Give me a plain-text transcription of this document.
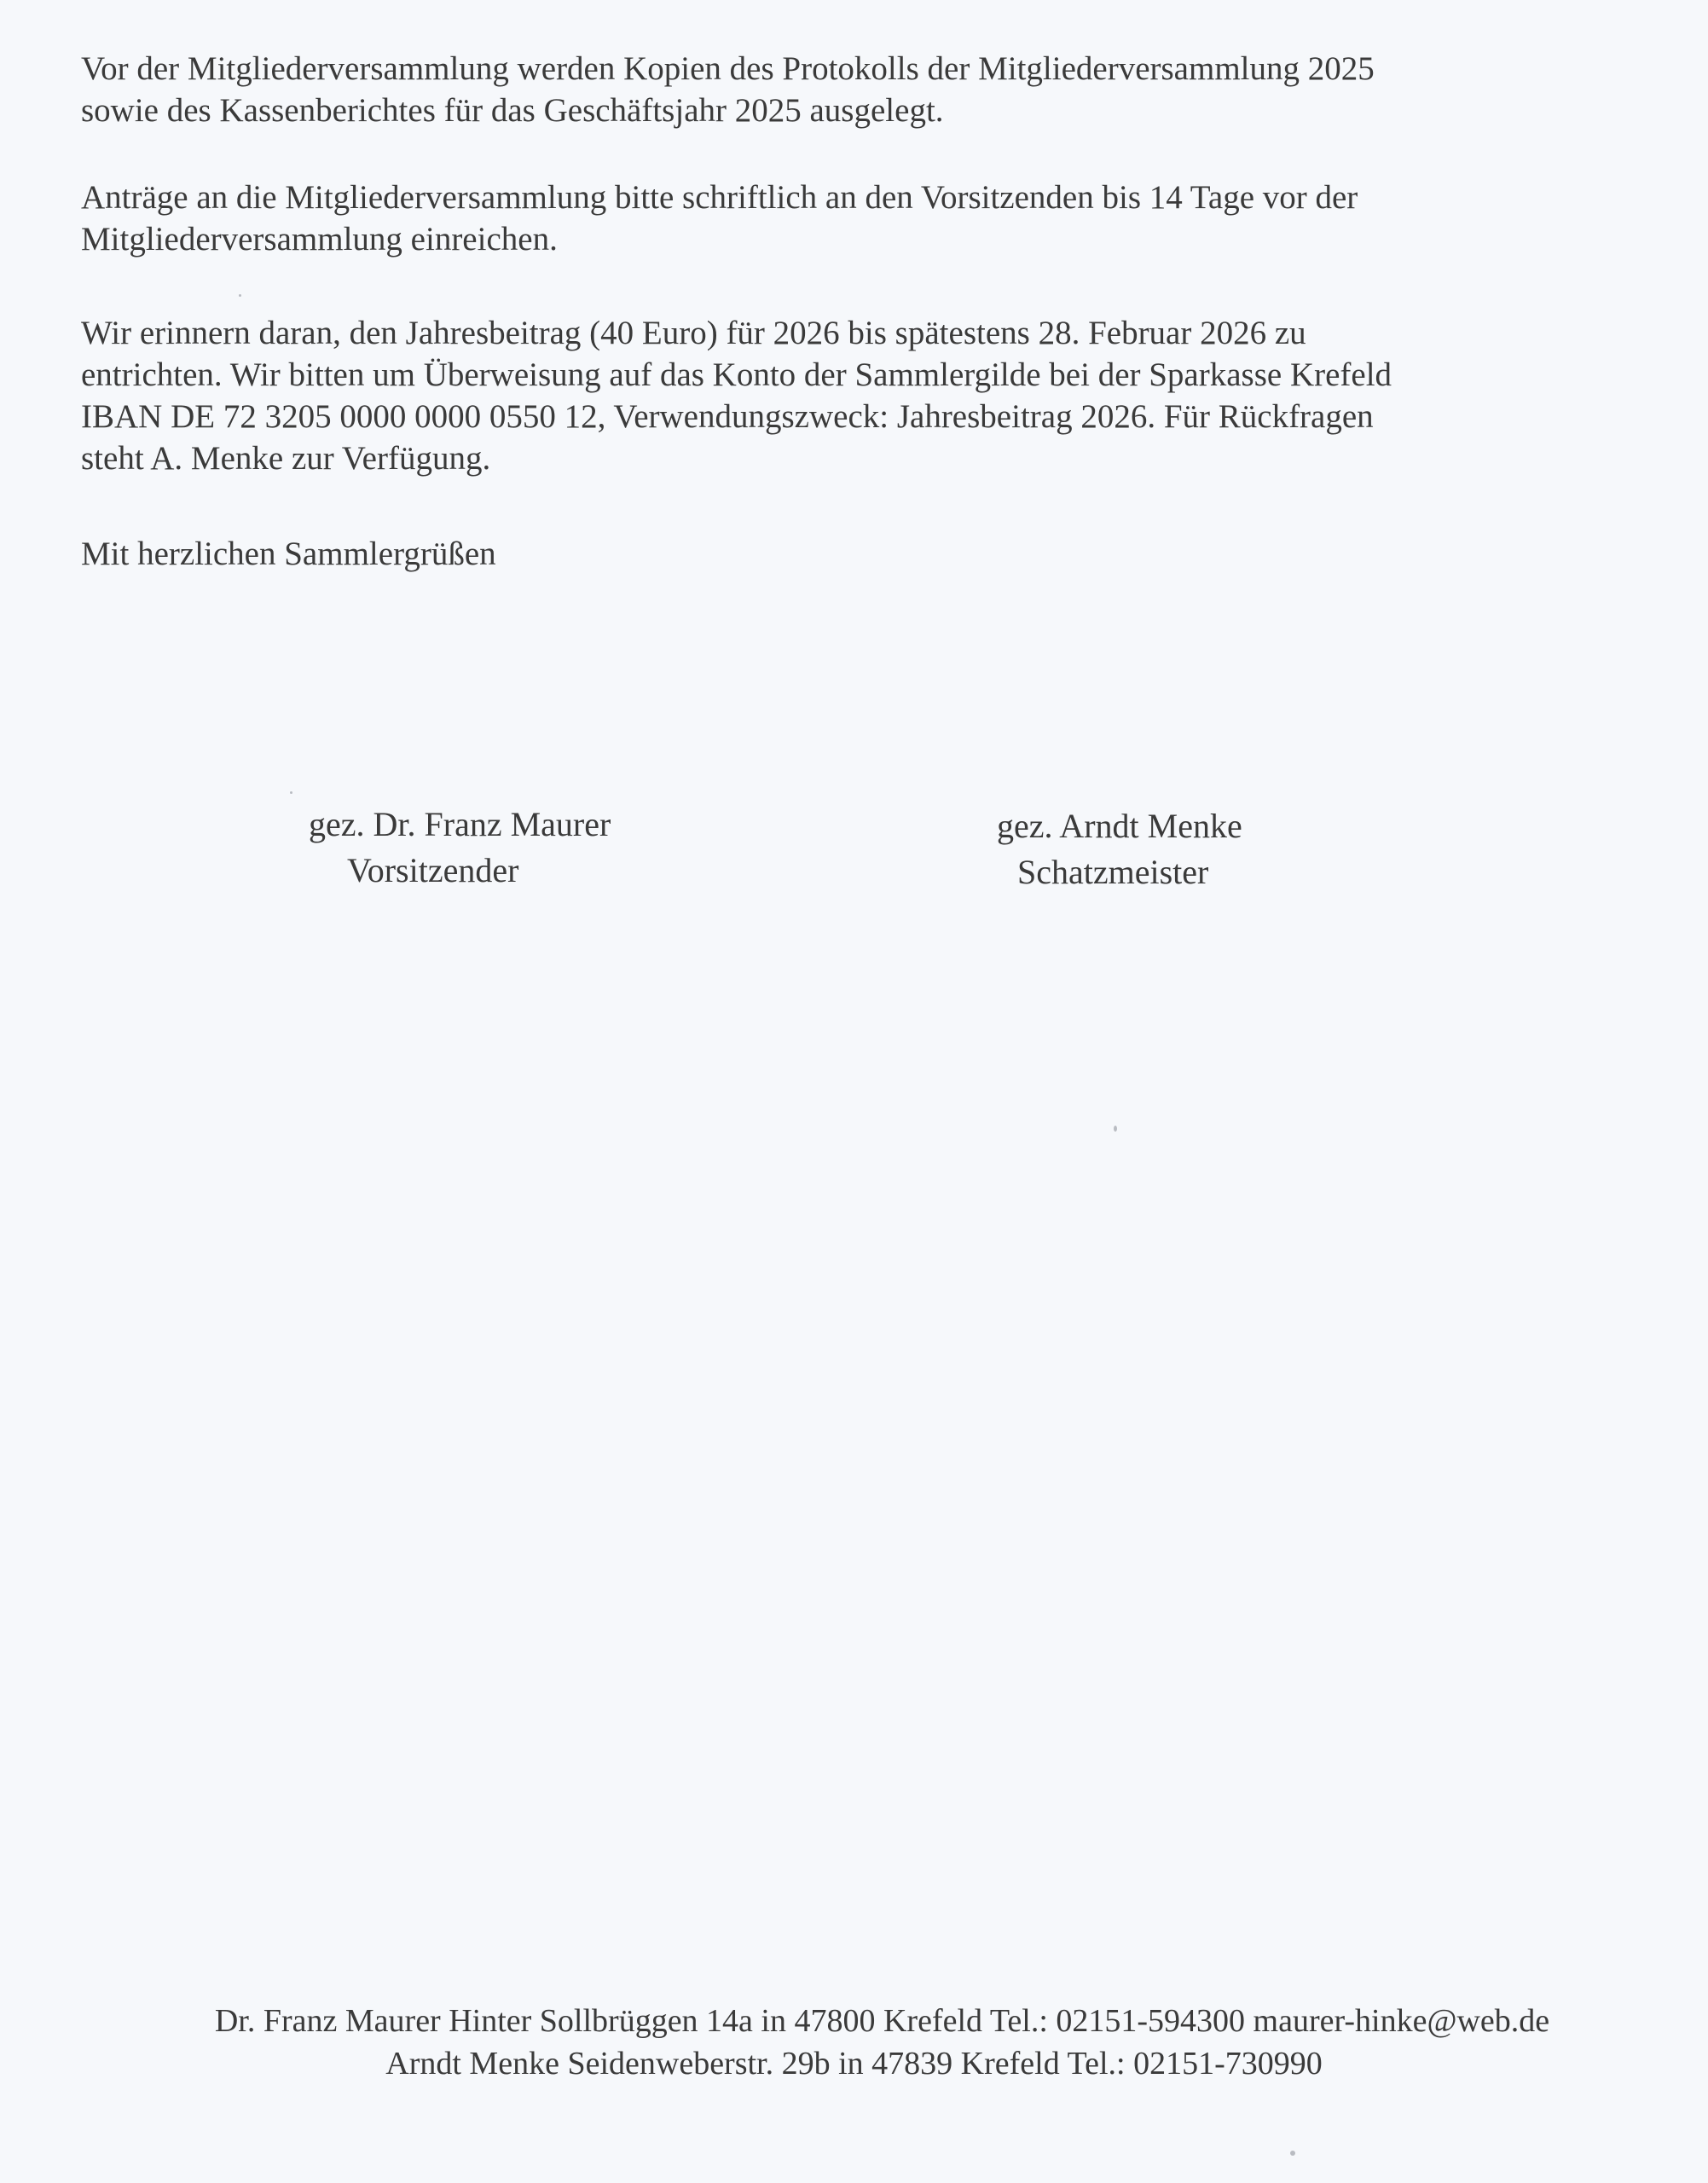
Vor der Mitgliederversammlung werden Kopien des Protokolls der Mitgliederversammlung 2025
sowie des Kassenberichtes für das Geschäftsjahr 2025 ausgelegt.

Anträge an die Mitgliederversammlung bitte schriftlich an den Vorsitzenden bis 14 Tage vor der
Mitgliederversammlung einreichen.

Wir erinnern daran, den Jahresbeitrag (40 Euro) für 2026 bis spätestens 28. Februar 2026 zu
entrichten. Wir bitten um Überweisung auf das Konto der Sammlergilde bei der Sparkasse Krefeld
IBAN DE 72 3205 0000 0000 0550 12, Verwendungszweck: Jahresbeitrag 2026. Für Rückfragen
steht A. Menke zur Verfügung.

Mit herzlichen Sammlergrüßen

gez. Dr. Franz Maurer
Vorsitzender
gez. Arndt Menke
Schatzmeister
Dr. Franz Maurer Hinter Sollbrüggen 14a in 47800 Krefeld Tel.: 02151-594300 maurer-hinke@web.de
Arndt Menke Seidenweberstr. 29b in 47839 Krefeld Tel.: 02151-730990
